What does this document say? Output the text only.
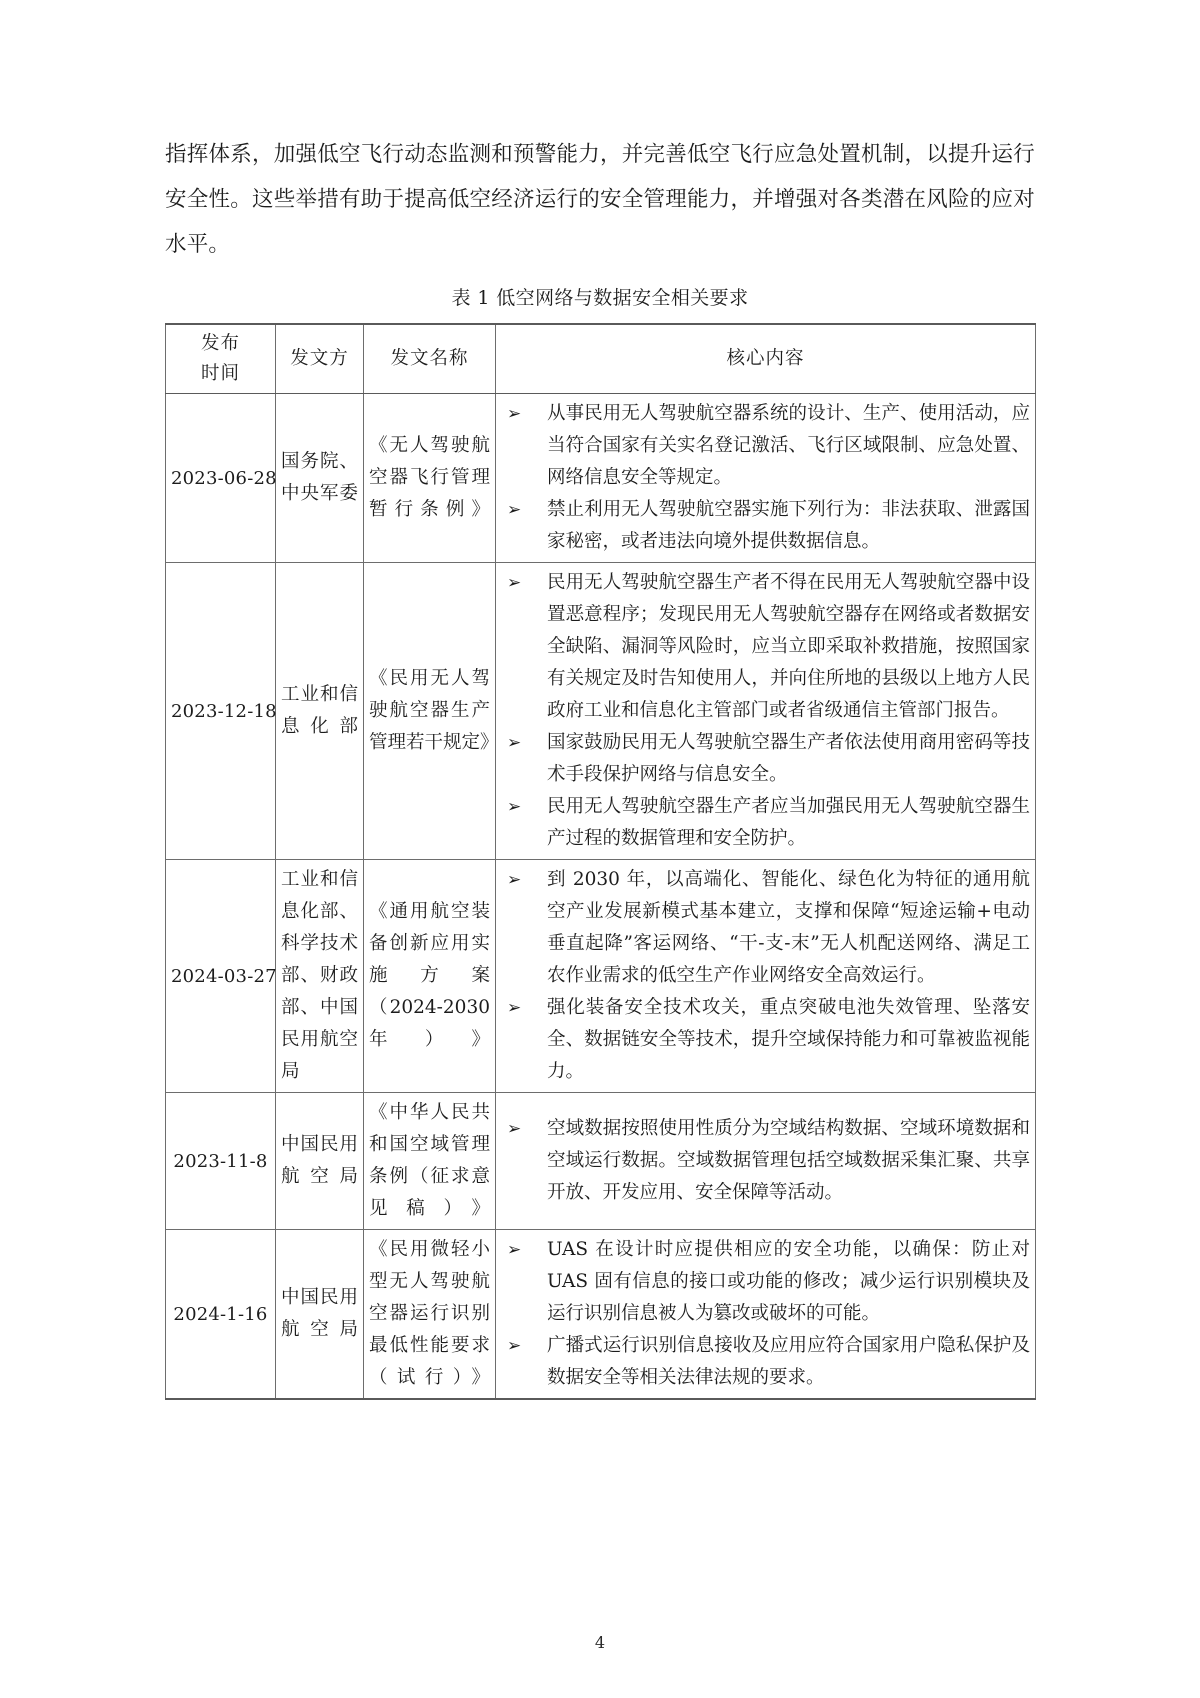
指挥体系，加强低空飞行动态监测和预警能力，并完善低空飞行应急处置机制，以提升运行安全性。这些举措有助于提高低空经济运行的安全管理能力，并增强对各类潜在风险的应对水平。

表 1 低空网络与数据安全相关要求
发布
时间	发文方	发文名称	核心内容
2023-06-28	国务院、中央军委	《无人驾驶航空器飞行管理暂行条例》	
➢ 从事民用无人驾驶航空器系统的设计、生产、使用活动，应当符合国家有关实名登记激活、飞行区域限制、应急处置、网络信息安全等规定。
➢ 禁止利用无人驾驶航空器实施下列行为：非法获取、泄露国家秘密，或者违法向境外提供数据信息。

2023-12-18	工业和信息化部	《民用无人驾驶航空器生产管理若干规定》	
➢ 民用无人驾驶航空器生产者不得在民用无人驾驶航空器中设置恶意程序；发现民用无人驾驶航空器存在网络或者数据安全缺陷、漏洞等风险时，应当立即采取补救措施，按照国家有关规定及时告知使用人，并向住所地的县级以上地方人民政府工业和信息化主管部门或者省级通信主管部门报告。
➢ 国家鼓励民用无人驾驶航空器生产者依法使用商用密码等技术手段保护网络与信息安全。
➢ 民用无人驾驶航空器生产者应当加强民用无人驾驶航空器生产过程的数据管理和安全防护。

2024-03-27	工业和信息化部、科学技术部、财政部、中国民用航空局	《通用航空装备创新应用实施方案（2024-2030年）》	
➢ 到 2030 年，以高端化、智能化、绿色化为特征的通用航空产业发展新模式基本建立，支撑和保障“短途运输+电动垂直起降”客运网络、“干-支-末”无人机配送网络、满足工农作业需求的低空生产作业网络安全高效运行。
➢ 强化装备安全技术攻关，重点突破电池失效管理、坠落安全、数据链安全等技术，提升空域保持能力和可靠被监视能力。

2023-11-8	中国民用航空局	《中华人民共和国空域管理条例（征求意见稿）》	
➢ 空域数据按照使用性质分为空域结构数据、空域环境数据和空域运行数据。空域数据管理包括空域数据采集汇聚、共享开放、开发应用、安全保障等活动。

2024-1-16	中国民用航空局	《民用微轻小型无人驾驶航空器运行识别最低性能要求（试行）》	
➢ UAS 在设计时应提供相应的安全功能，以确保：防止对 UAS 固有信息的接口或功能的修改；减少运行识别模块及运行识别信息被人为篡改或破坏的可能。
➢ 广播式运行识别信息接收及应用应符合国家用户隐私保护及数据安全等相关法律法规的要求。
4
